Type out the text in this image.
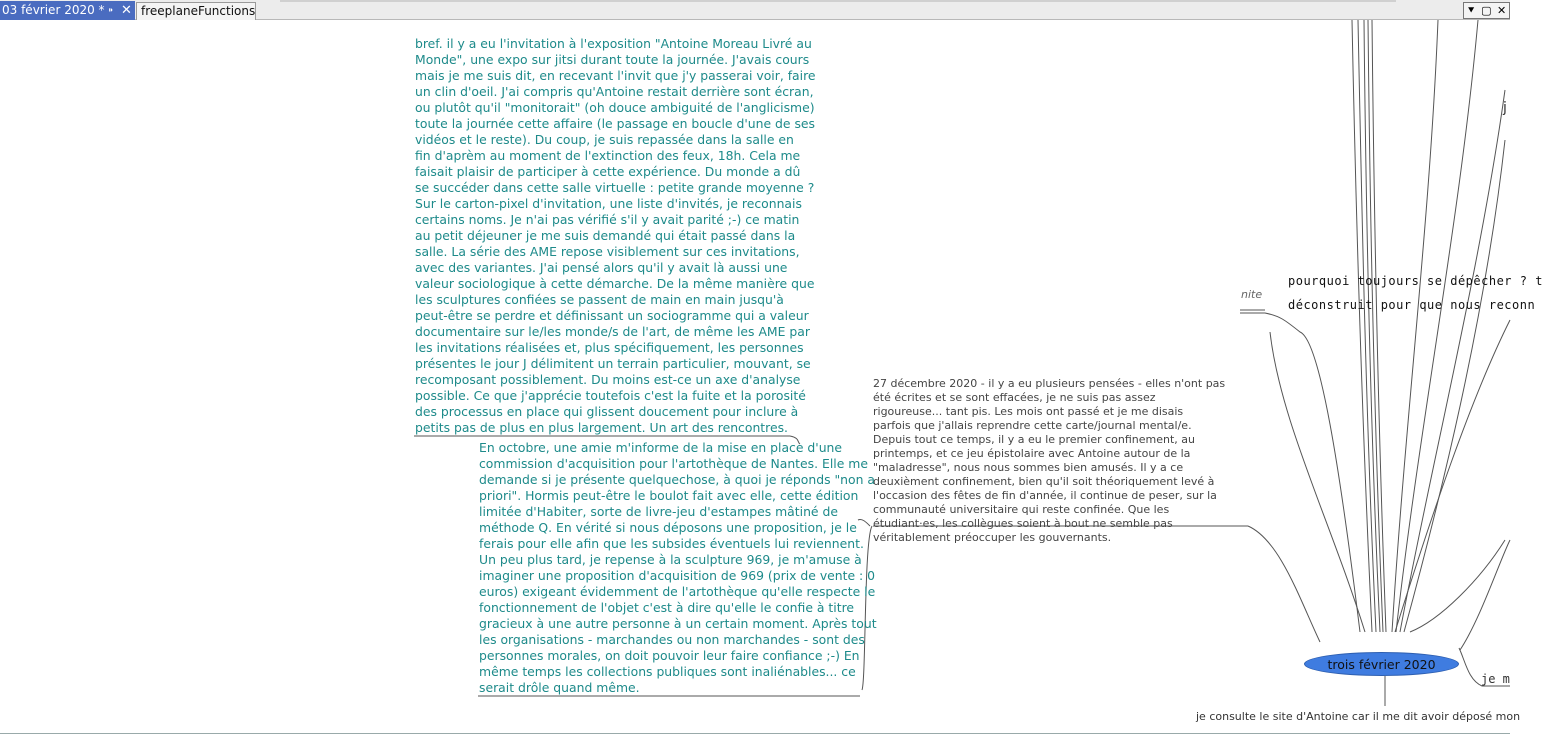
03 février 2020 * ⁍ ✕ freeplaneFunctions	⯆ ▢ ✕
bref. il y a eu l'invitation à l'exposition "Antoine Moreau Livré au
Monde", une expo sur jitsi durant toute la journée. J'avais cours
mais je me suis dit, en recevant l'invit que j'y passerai voir, faire
un clin d'oeil. J'ai compris qu'Antoine restait derrière sont écran,
ou plutôt qu'il "monitorait" (oh douce ambiguité de l'anglicisme)
toute la journée cette affaire (le passage en boucle d'une de ses
vidéos et le reste). Du coup, je suis repassée dans la salle en
fin d'aprèm au moment de l'extinction des feux, 18h. Cela me
faisait plaisir de participer à cette expérience. Du monde a dû
se succéder dans cette salle virtuelle : petite grande moyenne ?
Sur le carton-pixel d'invitation, une liste d'invités, je reconnais
certains noms. Je n'ai pas vérifié s'il y avait parité ;-) ce matin
au petit déjeuner je me suis demandé qui était passé dans la
salle. La série des AME repose visiblement sur ces invitations,
avec des variantes. J'ai pensé alors qu'il y avait là aussi une
valeur sociologique à cette démarche. De la même manière que
les sculptures confiées se passent de main en main jusqu'à
peut-être se perdre et définissant un sociogramme qui a valeur
documentaire sur le/les monde/s de l'art, de même les AME par
les invitations réalisées et, plus spécifiquement, les personnes
présentes le jour J délimitent un terrain particulier, mouvant, se
recomposant possiblement. Du moins est-ce un axe d'analyse
possible. Ce que j'apprécie toutefois c'est la fuite et la porosité
des processus en place qui glissent doucement pour inclure à
petits pas de plus en plus largement. Un art des rencontres.
En octobre, une amie m'informe de la mise en place d'une
commission d'acquisition pour l'artothèque de Nantes. Elle me
demande si je présente quelquechose, à quoi je réponds "non a
priori". Hormis peut-être le boulot fait avec elle, cette édition
limitée d'Habiter, sorte de livre-jeu d'estampes mâtiné de
méthode Q. En vérité si nous déposons une proposition, je le
ferais pour elle afin que les subsides éventuels lui reviennent.
Un peu plus tard, je repense à la sculpture 969, je m'amuse à
imaginer une proposition d'acquisition de 969 (prix de vente : 0
euros) exigeant évidemment de l'artothèque qu'elle respecte le
fonctionnement de l'objet c'est à dire qu'elle le confie à titre
gracieux à une autre personne à un certain moment. Après tout
les organisations - marchandes ou non marchandes - sont des
personnes morales, on doit pouvoir leur faire confiance ;-) En
même temps les collections publiques sont inaliénables... ce
serait drôle quand même.
27 décembre 2020 - il y a eu plusieurs pensées - elles n'ont pas
été écrites et se sont effacées, je ne suis pas assez
rigoureuse... tant pis. Les mois ont passé et je me disais
parfois que j'allais reprendre cette carte/journal mental/e.
Depuis tout ce temps, il y a eu le premier confinement, au
printemps, et ce jeu épistolaire avec Antoine autour de la
"maladresse", nous nous sommes bien amusés. Il y a ce
deuxièment confinement, bien qu'il soit théoriquement levé à
l'occasion des fêtes de fin d'année, il continue de peser, sur la
communauté universitaire qui reste confinée. Que les
étudiant·es, les collègues soient à bout ne semble pas
véritablement préoccuper les gouvernants.
pourquoi toujours se dépêcher ? t
déconstruit pour que nous reconn
nite
j
je m
trois février 2020
je consulte le site d'Antoine car il me dit avoir déposé mon
